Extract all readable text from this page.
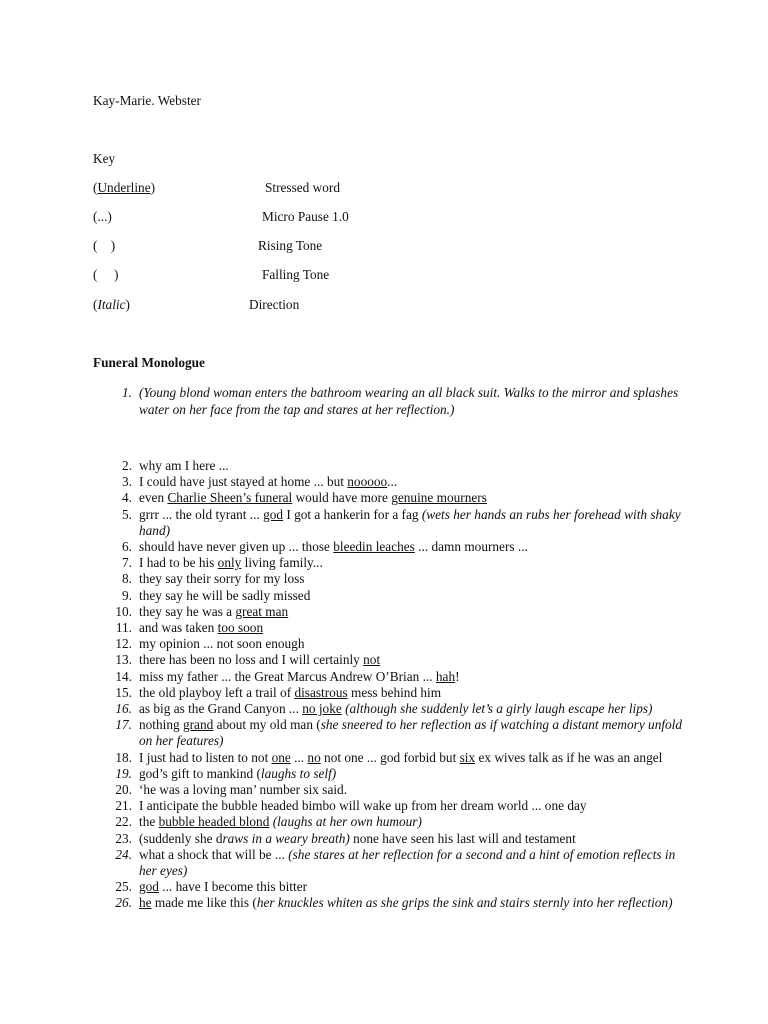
Kay-Marie. Webster
Key
(Underline)	Stressed word
(...)	Micro Pause 1.0
(    )	Rising Tone
(     )	Falling Tone
(Italic)	Direction
Funeral Monologue
1. (Young blond woman enters the bathroom wearing an all black suit. Walks to the mirror and splashes water on her face from the tap and stares at her reflection.)
2. why am I here ...
3. I could have just stayed at home ... but nooooo...
4. even Charlie Sheen’s funeral would have more genuine mourners
5. grrr ... the old tyrant ... god I got a hankerin for a fag (wets her hands an rubs her forehead with shaky hand)
6. should have never given up ... those bleedin leaches ... damn mourners ...
7. I had to be his only living family...
8. they say their sorry for my loss
9. they say he will be sadly missed
10. they say he was a great man
11. and was taken too soon
12. my opinion ... not soon enough
13. there has been no loss and I will certainly not
14. miss my father ... the Great Marcus Andrew O’Brian ... hah!
15. the old playboy left a trail of disastrous mess behind him
16. as big as the Grand Canyon ... no joke (although she suddenly let’s a girly laugh escape her lips)
17. nothing grand about my old man (she sneered to her reflection as if watching a distant memory unfold on her features)
18. I just had to listen to not one ... no not one ... god forbid but six ex wives talk as if he was an angel
19. god’s gift to mankind (laughs to self)
20. ‘he was a loving man’ number six said.
21. I anticipate the bubble headed bimbo will wake up from her dream world ... one day
22. the bubble headed blond (laughs at her own humour)
23. (suddenly she draws in a weary breath) none have seen his last will and testament
24. what a shock that will be ... (she stares at her reflection for a second and a hint of emotion reflects in her eyes)
25. god ... have I become this bitter
26. he made me like this (her knuckles whiten as she grips the sink and stairs sternly into her reflection)
